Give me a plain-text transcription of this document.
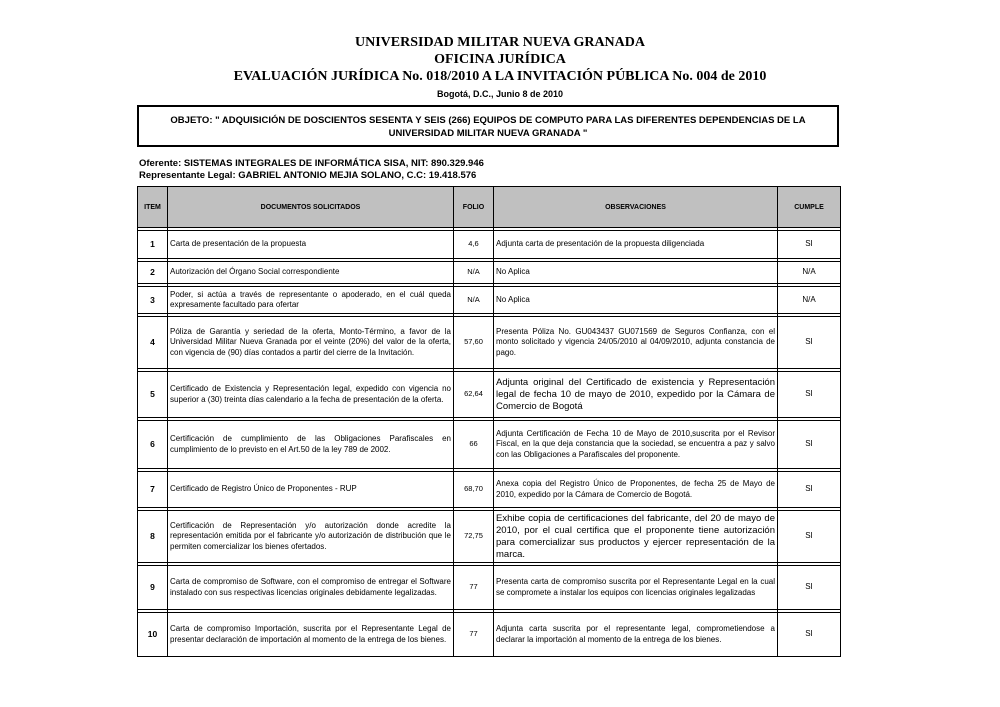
UNIVERSIDAD MILITAR NUEVA GRANADA
OFICINA JURÍDICA
EVALUACIÓN JURÍDICA No. 018/2010 A LA INVITACIÓN PÚBLICA No. 004 de 2010
Bogotá, D.C., Junio 8 de 2010
OBJETO: " ADQUISICIÓN DE DOSCIENTOS SESENTA Y SEIS (266) EQUIPOS DE COMPUTO PARA LAS DIFERENTES DEPENDENCIAS DE LA UNIVERSIDAD MILITAR NUEVA GRANADA "
Oferente: SISTEMAS INTEGRALES DE INFORMÁTICA SISA, NIT: 890.329.946
Representante Legal: GABRIEL ANTONIO MEJIA SOLANO, C.C: 19.418.576
ITEM	DOCUMENTOS SOLICITADOS	FOLIO	OBSERVACIONES	CUMPLE

1	Carta de presentación de la propuesta	4,6	Adjunta carta de presentación de la propuesta diligenciada	SI

2	Autorización del Órgano Social correspondiente	N/A	No Aplica	N/A

3	Poder, si actúa a través de representante o apoderado, en el cuál queda expresamente facultado para ofertar	N/A	No Aplica	N/A

4	Póliza de Garantía y seriedad de la oferta, Monto-Término, a favor de la Universidad Militar Nueva Granada por el veinte (20%) del valor de la oferta, con vigencia de (90) días contados a partir del cierre de la Invitación.	57,60	Presenta Póliza No. GU043437 GU071569 de Seguros Confianza, con el monto solicitado y vigencia 24/05/2010 al 04/09/2010, adjunta constancia de pago.	SI

5	Certificado de Existencia y Representación legal, expedido con vigencia no superior a (30) treinta días calendario a la fecha de presentación de la oferta.	62,64	Adjunta original del Certificado de existencia y Representación legal de fecha 10 de mayo de 2010, expedido por la Cámara de Comercio de Bogotá	SI

6	Certificación de cumplimiento de las Obligaciones Parafiscales en cumplimiento de lo previsto en el Art.50 de la ley 789 de 2002.	66	Adjunta Certificación de Fecha 10 de Mayo de 2010,suscrita por el Revisor Fiscal, en la que deja constancia que la sociedad, se encuentra a paz y salvo con las Obligaciones a Parafiscales del proponente.	SI

7	Certificado de Registro Único de Proponentes - RUP	68,70	Anexa copia del Registro Único de Proponentes, de fecha 25 de Mayo de 2010, expedido por la Cámara de Comercio de Bogotá.	SI

8	Certificación de Representación y/o autorización donde acredite la representación emitida por el fabricante y/o autorización de distribución que le permiten comercializar los bienes ofertados.	72,75	Exhibe copia de certificaciones del fabricante, del 20 de mayo de 2010, por el cual certifica que el proponente tiene autorización para comercializar sus productos y ejercer representación de la marca.	SI

9	Carta de compromiso de Software, con el compromiso de entregar el Software instalado con sus respectivas licencias originales debidamente legalizadas.	77	Presenta carta de compromiso suscrita por el Representante Legal en la cual se compromete a instalar los equipos con licencias originales legalizadas	SI

10	Carta de compromiso Importación, suscrita por el Representante Legal de presentar declaración de importación al momento de la entrega de los bienes.	77	Adjunta carta suscrita por el representante legal, comprometiendose a declarar la importación al momento de la entrega de los bienes.	SI
